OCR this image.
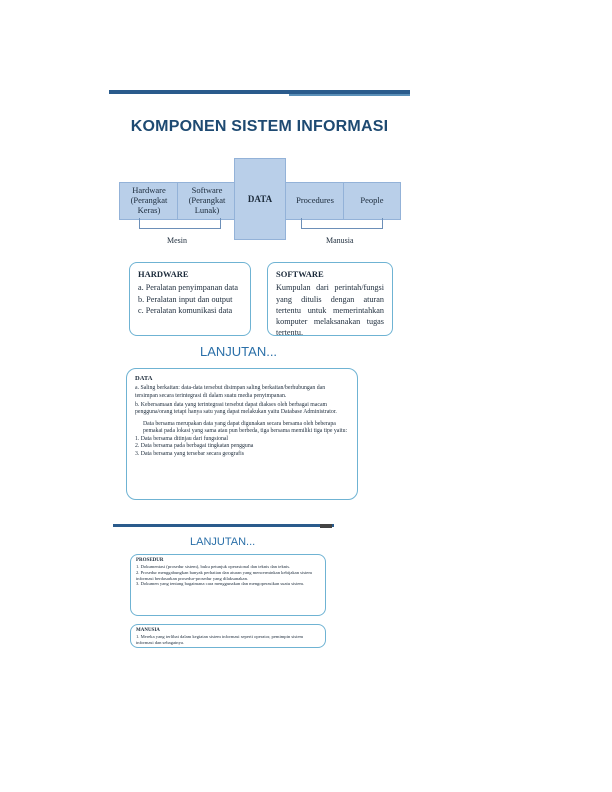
KOMPONEN SISTEM INFORMASI
Hardware (Perangkat Keras)
Software (Perangkat Lunak)
DATA	Procedures	People
Mesin	Manusia
HARDWARE
a. Peralatan penyimpanan data
b. Peralatan input dan output
c. Peralatan komunikasi data
SOFTWARE
Kumpulan dari perintah/fungsi yang ditulis dengan aturan tertentu untuk memerintahkan komputer melaksanakan tugas tertentu.
LANJUTAN...
DATA
a. Saling berkaitan: data-data tersebut disimpan saling berkaitan/berhubungan dan tersimpan secara terintegrasi di dalam suatu media penyimpanan.
b. Kebersamaan data yang terintegrasi tersebut dapat diakses oleh berbagai macam pengguna/orang tetapi hanya satu yang dapat melakukan yaitu Database Administrator.
Data bersama merupakan data yang dapat digunakan secara bersama oleh beberapa pemakai pada lokasi yang sama atau pun berbeda, tiga bersama memiliki tiga tipe yaitu:
1. Data bersama ditinjau dari fungsional
2. Data bersama pada berbagai tingkatan pengguna
3. Data bersama yang tersebar secara geografis
LANJUTAN...
PROSEDUR
1. Dokumentasi (prosedur sistem), buku petunjuk operasional dan teknis dan teknis.
2. Prosedur menggabungkan banyak perhatian dan aturan yang mencerminkan kebijakan sistem informasi berdasarkan prosedur-prosedur yang dilaksanakan.
3. Dokumen yang tentang bagaimana cara menggunakan dan mengoperasikan suatu sistem.
MANUSIA
1. Mereka yang terlibat dalam kegiatan sistem informasi seperti operator, pemimpin sistem informasi dan sebagainya.
